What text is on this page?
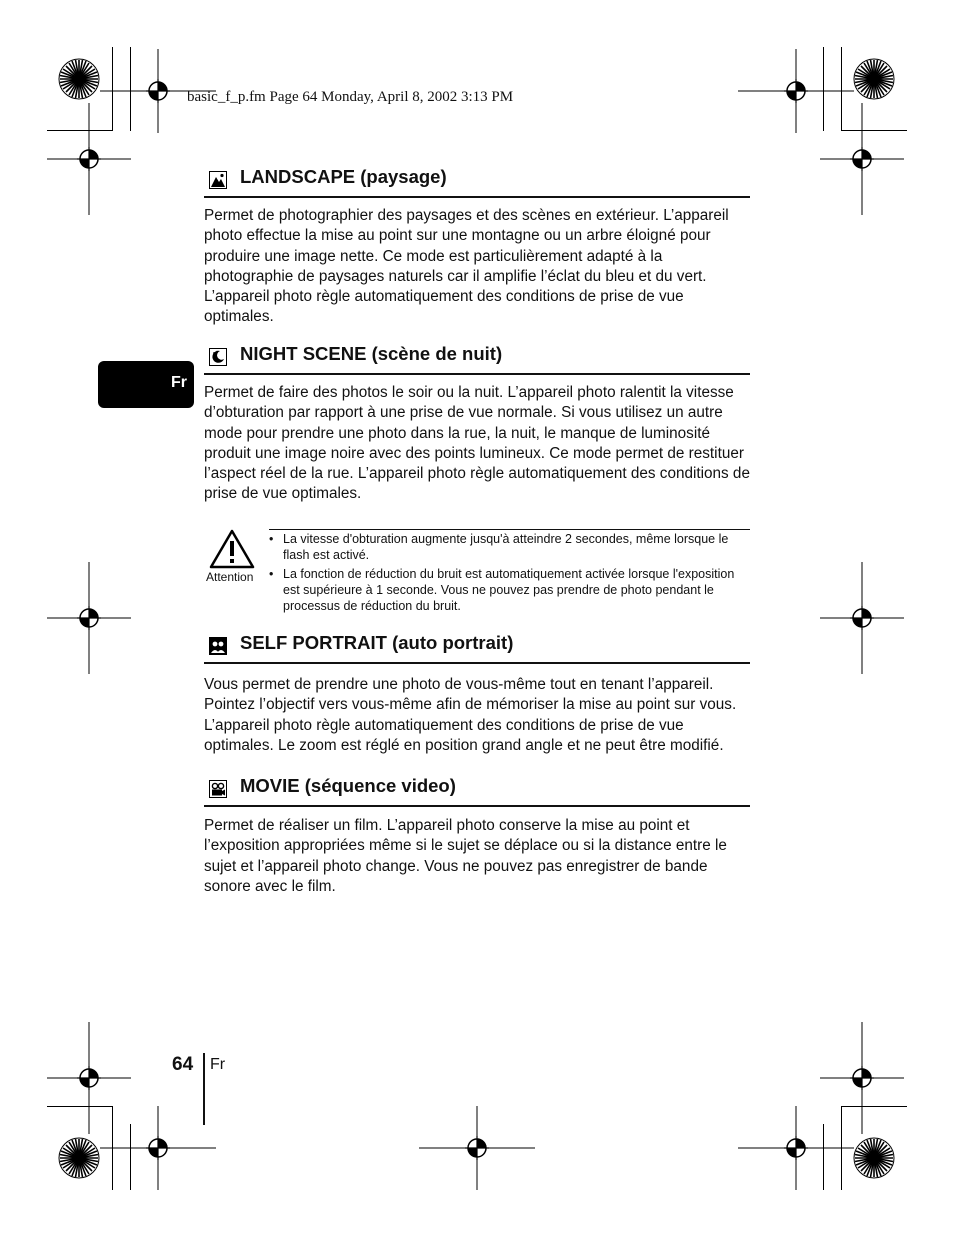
basic_f_p.fm Page 64 Monday, April 8, 2002 3:13 PM
Fr
LANDSCAPE (paysage)

Permet de photographier des paysages et des scènes en extérieur. L’appareil photo effectue la mise au point sur une montagne ou un arbre éloigné pour produire une image nette. Ce mode est particulièrement adapté à la photographie de paysages naturels car il amplifie l’éclat du bleu et du vert. L’appareil photo règle automatiquement des conditions de prise de vue optimales.

NIGHT SCENE (scène de nuit)

Permet de faire des photos le soir ou la nuit. L’appareil photo ralentit la vitesse d’obturation par rapport à une prise de vue normale. Si vous utilisez un autre mode pour prendre une photo dans la rue, la nuit, le manque de luminosité produit une image noire avec des points lumineux. Ce mode permet de restituer l’aspect réel de la rue. L’appareil photo règle automatiquement des conditions de prise de vue optimales.

Attention
• La vitesse d'obturation augmente jusqu'à atteindre 2 secondes, même lorsque le flash est activé.
• La fonction de réduction du bruit est automatiquement activée lorsque l'exposition est supérieure à 1 seconde. Vous ne pouvez pas prendre de photo pendant le processus de réduction du bruit.
SELF PORTRAIT (auto portrait)

Vous permet de prendre une photo de vous-même tout en tenant l’appareil. Pointez l’objectif vers vous-même afin de mémoriser la mise au point sur vous. L’appareil photo règle automatiquement des conditions de prise de vue optimales. Le zoom est réglé en position grand angle et ne peut être modifié.

MOVIE (séquence video)

Permet de réaliser un film. L’appareil photo conserve la mise au point et l’exposition appropriées même si le sujet se déplace ou si la distance entre le sujet et l’appareil photo change. Vous ne pouvez pas enregistrer de bande sonore avec le film.

64 Fr
